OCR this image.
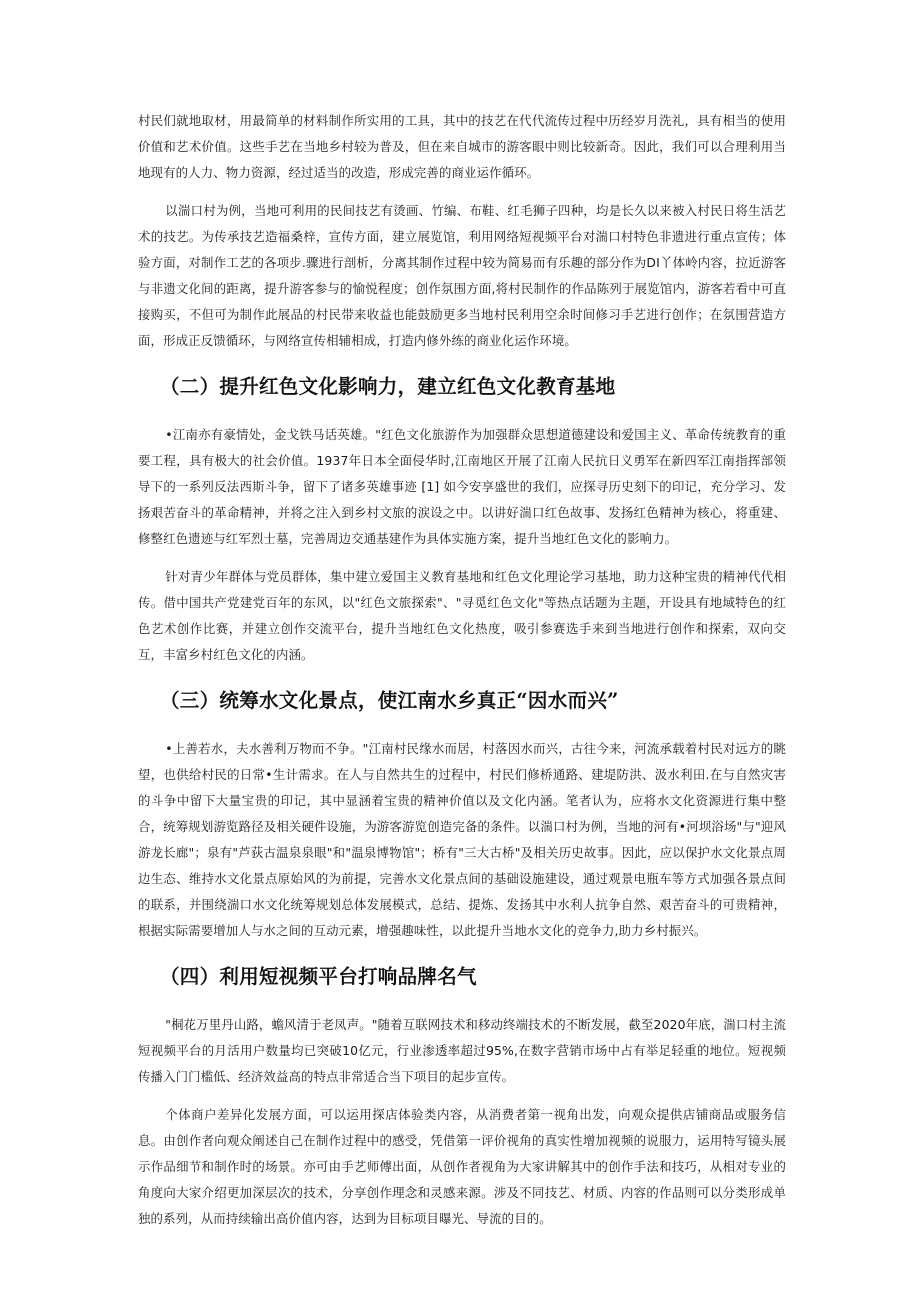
村民们就地取材，用最简单的材料制作所实用的工具，其中的技艺在代代流传过程中历经岁月洗礼，具有相当的使用价值和艺术价值。这些手艺在当地乡村较为普及，但在来自城市的游客眼中则比较新奇。因此，我们可以合理利用当地现有的人力、物力资源，经过适当的改造，形成完善的商业运作循环。

以湍口村为例，当地可利用的民间技艺有烫画、竹编、布鞋、红毛狮子四种，均是长久以来被入村民日将生活艺术的技艺。为传承技艺造福桑梓，宣传方面，建立展览馆，利用网络短视频平台对湍口村特色非遗进行重点宣传；体验方面，对制作工艺的各项步.骤进行剖析，分离其制作过程中较为简易而有乐趣的部分作为DI丫体岭内容，拉近游客与非遗文化间的距离，提升游客参与的愉悦程度；创作氛围方面,将村民制作的作品陈列于展览馆内，游客若看中可直接购买，不但可为制作此展品的村民带来收益也能鼓励更多当地村民利用空余时间修习手艺进行创作；在氛围营造方面，形成正反馈循环，与网络宣传相辅相成，打造内修外练的商业化运作环境。

（二）提升红色文化影响力，建立红色文化教育基地

•江南亦有豪情处，金戈铁马话英雄。"红色文化旅游作为加强群众思想道德建设和爱国主义、革命传统教育的重要工程，具有极大的社会价值。1937年日本全面侵华时,江南地区开展了江南人民抗日义勇军在新四军江南指挥部领导下的一系列反法西斯斗争，留下了诸多英雄事迹 [1] 如今安享盛世的我们，应探寻历史刻下的印记，充分学习、发扬艰苦奋斗的革命精神，并将之注入到乡村文旅的涙设之中。以讲好湍口红色故事、发扬红色精神为核心，将重建、修整红色遗迹与红军烈士墓，完善周边交通基建作为具体实施方案，提升当地红色文化的影响力。

针对青少年群体与党员群体，集中建立爱国主义教育基地和红色文化理论学习基地，助力这种宝贵的精神代代相传。借中国共产党建党百年的东风，以"红色文旅探索"、"寻觅红色文化"等热点话题为主题，开设具有地域特色的红色艺术创作比赛，并建立创作交流平台，提升当地红色文化热度，吸引参赛选手来到当地进行创作和探索，双向交互，丰富乡村红色文化的内涵。

（三）统筹水文化景点，使江南水乡真正“因水而兴”

•上善若水，夫水善利万物而不争。"江南村民缘水而居，村落因水而兴，古往今来，河流承载着村民对远方的眺望，也供给村民的日常•生计需求。在人与自然共生的过程中，村民们修桥通路、建堤防洪、汲水利田.在与自然灾害的斗争中留下大量宝贵的印记，其中显涵着宝贵的精神价值以及文化内涵。笔者认为，应将水文化资源进行集中整合，统筹规划游览路径及相关硬件设施，为游客游览创造完备的条件。以湍口村为例，当地的河有•河坝浴场"与"迎风游龙长廊"；泉有"芦荻古温泉泉眼"和"温泉博物馆"；桥有"三大古桥"及相关历史故事。因此，应以保护水文化景点周边生态、维持水文化景点原始风的为前提，完善水文化景点间的基础设施建设，通过观景电瓶车等方式加强各景点间的联系，并围绕湍口水文化统筹规划总体发展模式，总结、提炼、发扬其中水利人抗争自然、艰苦奋斗的可贵精神，根据实际需要增加人与水之间的互动元素，增强趣味性，以此提升当地水文化的竞争力,助力乡村振兴。

（四）利用短视频平台打响品牌名气

"桐花万里丹山路，蟾风清于老凤声。"随着互联网技术和移动终端技术的不断发展，截至2020年底，湍口村主流短视频平台的月活用户数量均已突破10亿元，行业渗透率超过95%,在数字营销市场中占有举足轻重的地位。短视频传播入门门槛低、经济效益高的特点非常适合当下项目的起步宣传。

个体商户差异化发展方面，可以运用探店体验类内容，从消费者第一视角出发，向观众提供店铺商品或服务信息。由创作者向观众阐述自己在制作过程中的感受，凭借第一评价视角的真实性增加视频的说服力，运用特写镜头展示作品细节和制作时的场景。亦可由手艺师傅出面，从创作者视角为大家讲解其中的创作手法和技巧，从相对专业的角度向大家介绍更加深层次的技术，分享创作理念和灵感来源。涉及不同技艺、材质、内容的作品则可以分类形成单独的系列，从而持续输出高价值内容，达到为目标项目曝光、导流的目的。
